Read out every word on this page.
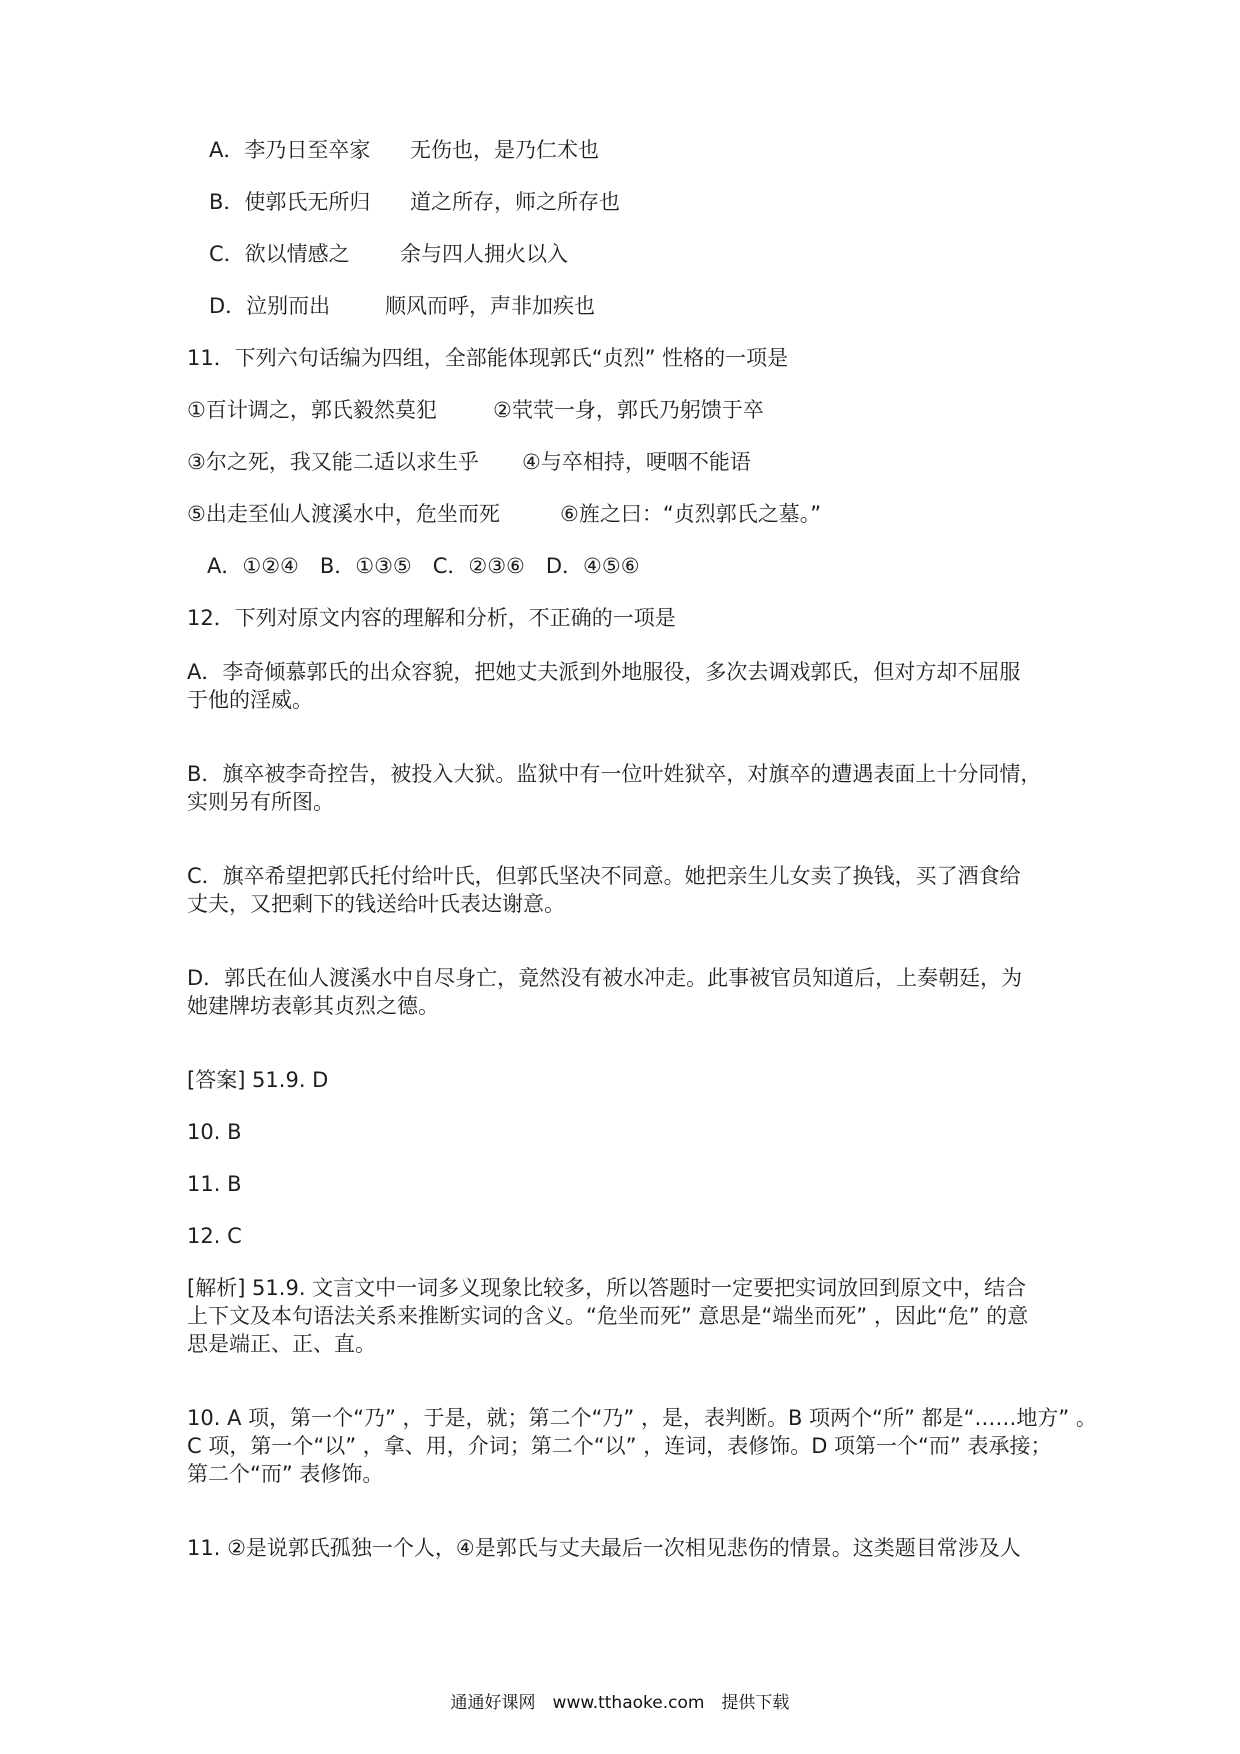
A．李乃日至卒家 无伤也，是乃仁术也
B．使郭氏无所归 道之所存，师之所存也
C．欲以情感之 余与四人拥火以入
D．泣别而出	顺风而呼，声非加疾也
11．下列六句话编为四组，全部能体现郭氏“贞烈” 性格的一项是
①百计调之，郭氏毅然莫犯	②茕茕一身，郭氏乃躬馈于卒
③尔之死，我又能二适以求生乎 ④与卒相持，哽咽不能语
⑤出走至仙人渡溪水中，危坐而死	⑥旌之曰：“贞烈郭氏之墓。”
A．①②④　B．①③⑤　C．②③⑥　D．④⑤⑥
12．下列对原文内容的理解和分析，不正确的一项是
A．李奇倾慕郭氏的出众容貌，把她丈夫派到外地服役，多次去调戏郭氏，但对方却不屈服
于他的淫威。
B．旗卒被李奇控告，被投入大狱。监狱中有一位叶姓狱卒，对旗卒的遭遇表面上十分同情，
实则另有所图。
C．旗卒希望把郭氏托付给叶氏，但郭氏坚决不同意。她把亲生儿女卖了换钱，买了酒食给
丈夫，又把剩下的钱送给叶氏表达谢意。
D．郭氏在仙人渡溪水中自尽身亡，竟然没有被水冲走。此事被官员知道后，上奏朝廷，为
她建牌坊表彰其贞烈之德。
[答案] 51.9. D
10. B
11. B
12. C
[解析] 51.9. 文言文中一词多义现象比较多，所以答题时一定要把实词放回到原文中，结合
上下文及本句语法关系来推断实词的含义。“危坐而死” 意思是“端坐而死” ，因此“危” 的意
思是端正、正、直。
10. A 项，第一个“乃” ，于是，就；第二个“乃” ，是，表判断。B 项两个“所” 都是“……地方” 。
C 项，第一个“以” ，拿、用，介词；第二个“以” ，连词，表修饰。D 项第一个“而” 表承接；
第二个“而” 表修饰。
11. ②是说郭氏孤独一个人，④是郭氏与丈夫最后一次相见悲伤的情景。这类题目常涉及人
通通好课网　www.tthaoke.com　提供下载
